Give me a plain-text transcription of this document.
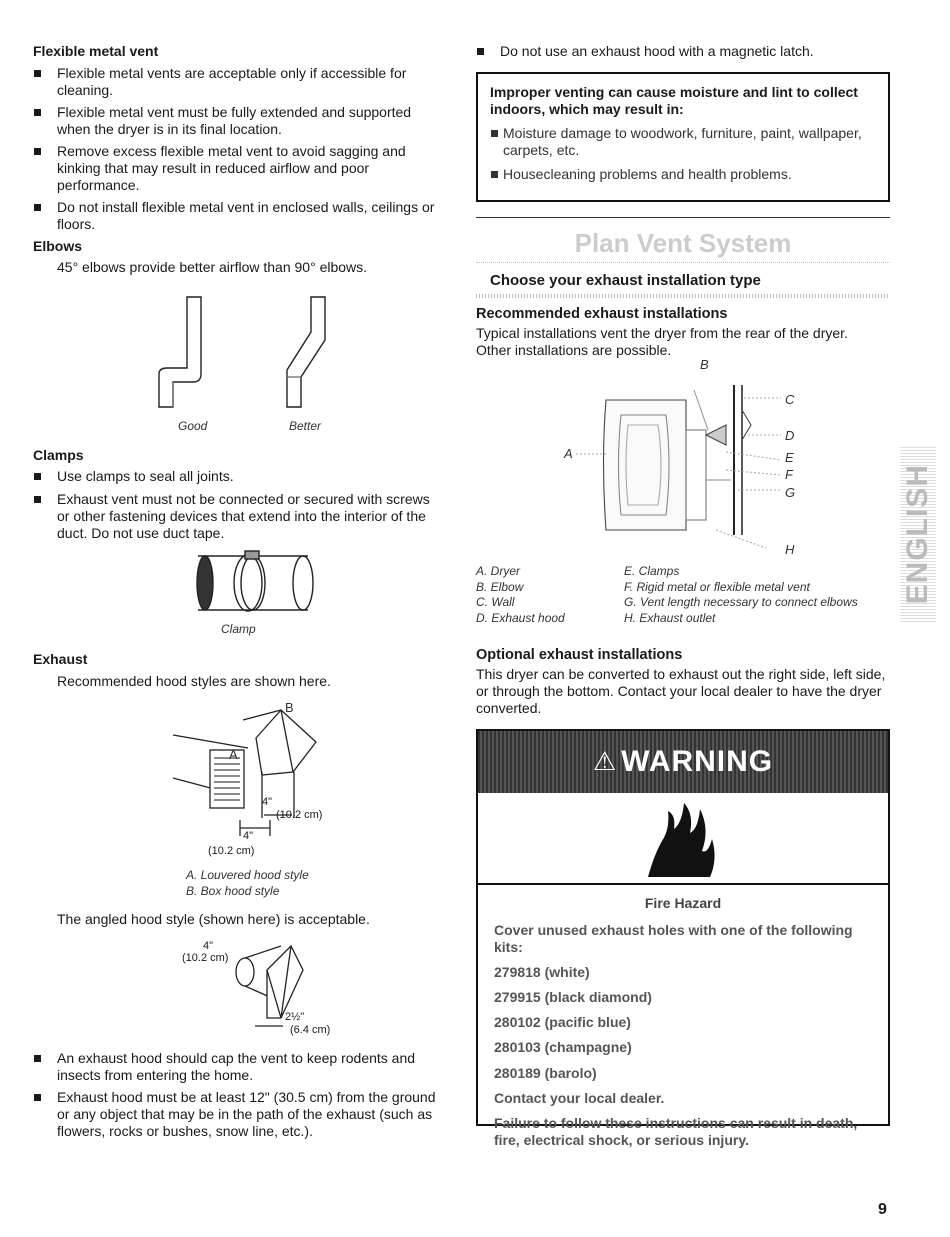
Flexible metal vent

Flexible metal vents are acceptable only if accessible for cleaning.

Flexible metal vent must be fully extended and supported when the dryer is in its final location.

Remove excess flexible metal vent to avoid sagging and kinking that may result in reduced airflow and poor performance.

Do not install flexible metal vent in enclosed walls, ceilings or floors.

Elbows

45° elbows provide better airflow than 90° elbows.

Good	Better
Clamps

Use clamps to seal all joints.

Exhaust vent must not be connected or secured with screws or other fastening devices that extend into the interior of the duct. Do not use duct tape.

Clamp
Exhaust

Recommended hood styles are shown here.

B
A
4"
(10.2 cm)
4"
(10.2 cm)
A. Louvered hood style
B. Box hood style

The angled hood style (shown here) is acceptable.

4"
(10.2 cm)
2½"
(6.4 cm)

An exhaust hood should cap the vent to keep rodents and insects from entering the home.

Exhaust hood must be at least 12" (30.5 cm) from the ground or any object that may be in the path of the exhaust (such as flowers, rocks or bushes, snow line, etc.).

Do not use an exhaust hood with a magnetic latch.

Improper venting can cause moisture and lint to collect indoors, which may result in:
Moisture damage to woodwork, furniture, paint, wallpaper, carpets, etc.
Housecleaning problems and health problems.
Plan Vent System
Choose your exhaust installation type
Recommended exhaust installations

Typical installations vent the dryer from the rear of the dryer. Other installations are possible.

B
C
D
A	E
F
G
H
A. Dryer
B. Elbow
C. Wall
D. Exhaust hood
E. Clamps
F. Rigid metal or flexible metal vent
G. Vent length necessary to connect elbows
H. Exhaust outlet
Optional exhaust installations

This dryer can be converted to exhaust out the right side, left side, or through the bottom. Contact your local dealer to have the dryer converted.

⚠ WARNING

Fire Hazard

Cover unused exhaust holes with one of the following kits:

279818 (white)

279915 (black diamond)

280102 (pacific blue)

280103 (champagne)

280189 (barolo)

Contact your local dealer.

Failure to follow these instructions can result in death, fire, electrical shock, or serious injury.

ENGLISH
9
